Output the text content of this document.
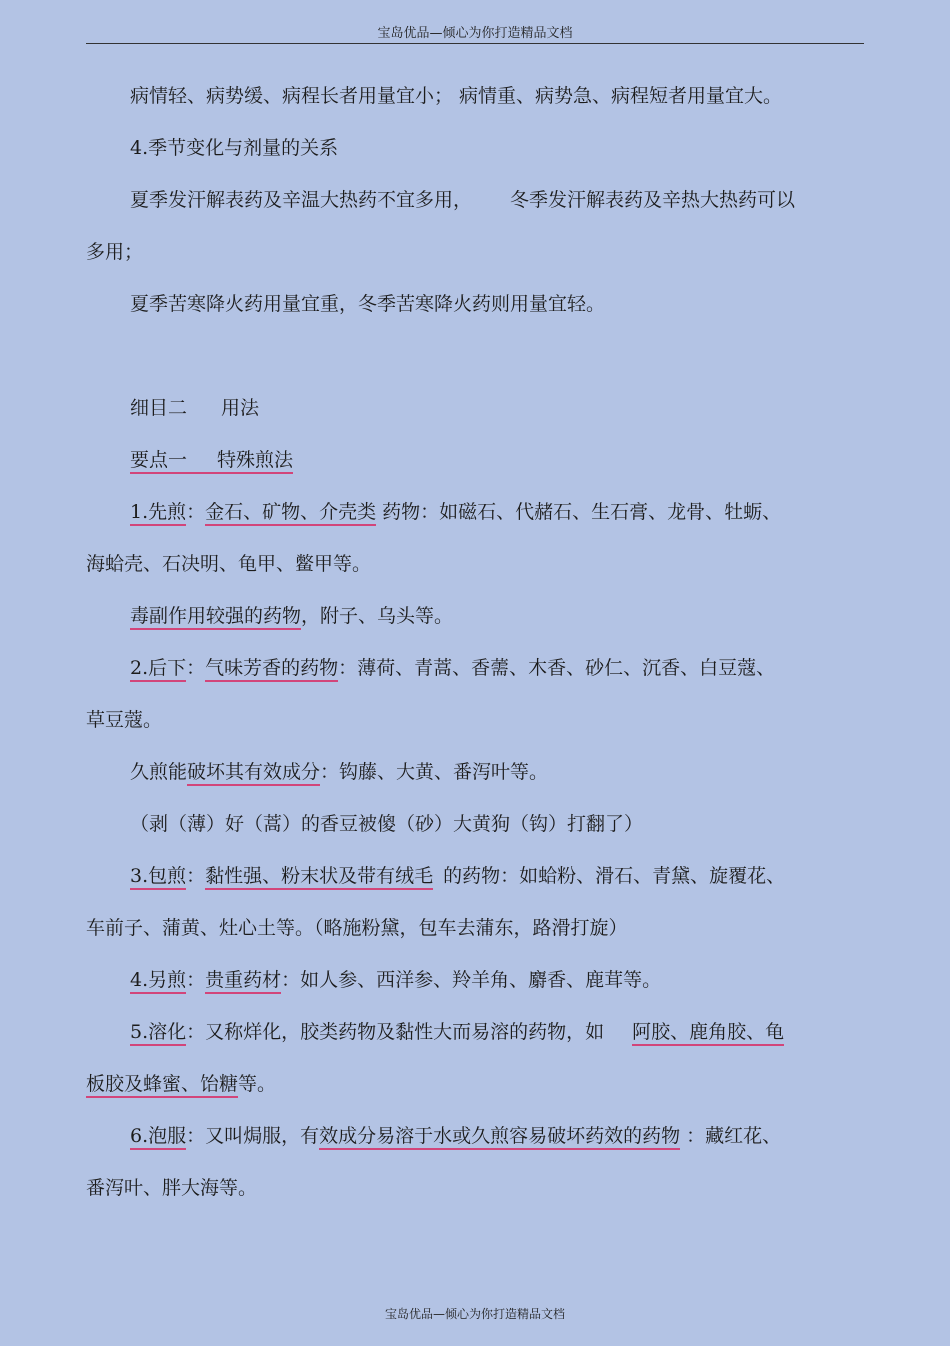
宝岛优品—倾心为你打造精品文档
病情轻、病势缓、病程长者用量宜小； 病情重、病势急、病程短者用量宜大。
4.季节变化与剂量的关系
夏季发汗解表药及辛温大热药不宜多用， 冬季发汗解表药及辛热大热药可以
多用；
夏季苦寒降火药用量宜重，冬季苦寒降火药则用量宜轻。
细目二 用法
要点一 特殊煎法
1.先煎：金石、矿物、介壳类 药物：如磁石、代赭石、生石膏、龙骨、牡蛎、
海蛤壳、石决明、龟甲、鳖甲等。
毒副作用较强的药物，附子、乌头等。
2.后下：气味芳香的药物：薄荷、青蒿、香薷、木香、砂仁、沉香、白豆蔻、
草豆蔻。
久煎能破坏其有效成分：钩藤、大黄、番泻叶等。
（剥（薄）好（蒿）的香豆被傻（砂）大黄狗（钩）打翻了）
3.包煎：黏性强、粉末状及带有绒毛 的药物：如蛤粉、滑石、青黛、旋覆花、
车前子、蒲黄、灶心土等。（略施粉黛，包车去蒲东，路滑打旋）
4.另煎：贵重药材：如人参、西洋参、羚羊角、麝香、鹿茸等。
5.溶化：又称烊化，胶类药物及黏性大而易溶的药物，如 阿胶、鹿角胶、龟
板胶及蜂蜜、饴糖等。
6.泡服：又叫焗服，有效成分易溶于水或久煎容易破坏药效的药物 ：藏红花、
番泻叶、胖大海等。
宝岛优品—倾心为你打造精品文档
